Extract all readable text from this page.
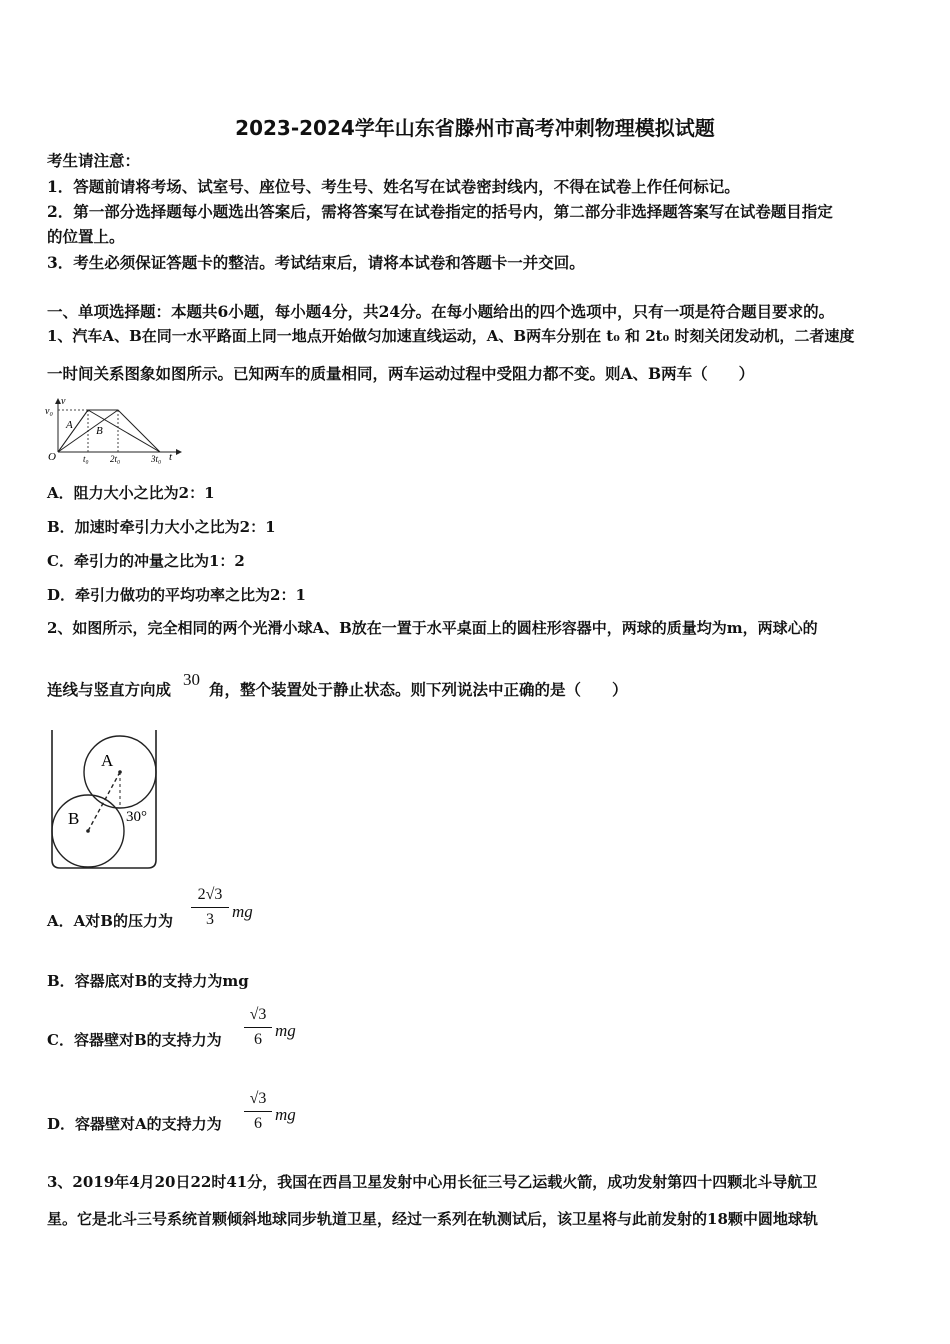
2023-2024学年山东省滕州市高考冲刺物理模拟试题
考生请注意：
1．答题前请将考场、试室号、座位号、考生号、姓名写在试卷密封线内，不得在试卷上作任何标记。
2．第一部分选择题每小题选出答案后，需将答案写在试卷指定的括号内，第二部分非选择题答案写在试卷题目指定
的位置上。
3．考生必须保证答题卡的整洁。考试结束后，请将本试卷和答题卡一并交回。
一、单项选择题：本题共6小题，每小题4分，共24分。在每小题给出的四个选项中，只有一项是符合题目要求的。
1、汽车A、B在同一水平路面上同一地点开始做匀加速直线运动，A、B两车分别在 t₀ 和 2t₀ 时刻关闭发动机，二者速度
一时间关系图象如图所示。已知两车的质量相同，两车运动过程中受阻力都不变。则A、B两车（　　）
v₀
v
O
A B
t₀ 2t₀	3t₀ t
A．阻力大小之比为2：1
B．加速时牵引力大小之比为2：1
C．牵引力的冲量之比为1：2
D．牵引力做功的平均功率之比为2：1
2、如图所示，完全相同的两个光滑小球A、B放在一置于水平桌面上的圆柱形容器中，两球的质量均为m，两球心的
连线与竖直方向成
30
角，整个装置处于静止状态。则下列说法中正确的是（　　）
A
B	30°
A．A对B的压力为
2√3
3	mg
B．容器底对B的支持力为mg
C．容器壁对B的支持力为
√3
6 mg
D．容器壁对A的支持力为
√3
6 mg
3、2019年4月20日22时41分，我国在西昌卫星发射中心用长征三号乙运载火箭，成功发射第四十四颗北斗导航卫
星。它是北斗三号系统首颗倾斜地球同步轨道卫星，经过一系列在轨测试后，该卫星将与此前发射的18颗中圆地球轨
